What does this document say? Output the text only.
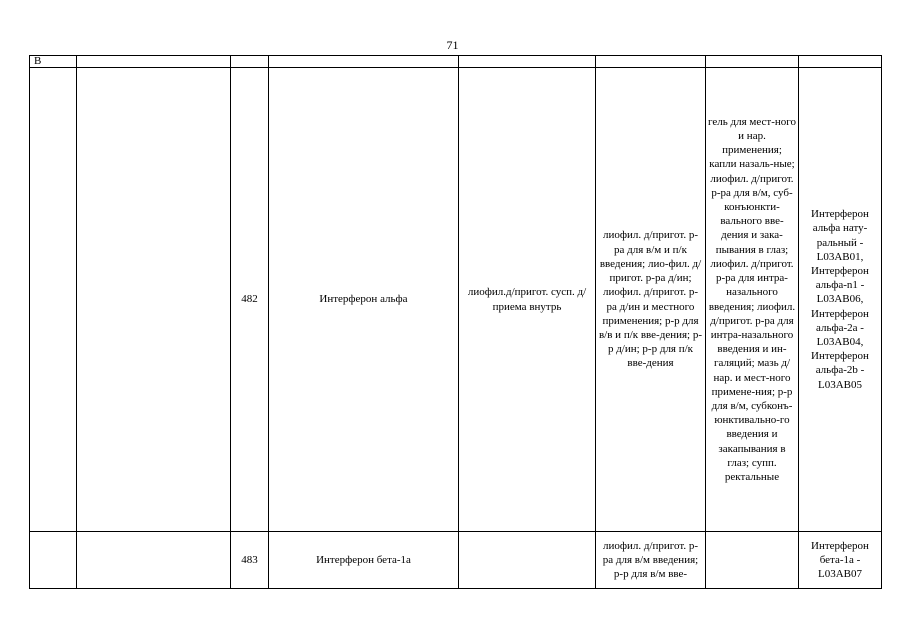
71
В							
		482	Интерферон альфа	лиофил.д/пригот. сусп. д/приема внутрь	лиофил. д/пригот. р-ра для в/м и п/к введения; лио-фил. д/пригот. р-ра д/ин; лиофил. д/пригот. р-ра д/ин и местного применения; р-р для в/в и п/к вве-дения; р-р д/ин; р-р для п/к вве-дения	гель для мест-ного и нар. применения; капли назаль-ные; лиофил. д/пригот. р-ра для в/м, суб-конъюнкти-вального вве-дения и зака-пывания в глаз; лиофил. д/пригот. р-ра для интра-назального введения; лиофил. д/пригот. р-ра для интра-назального введения и ин-галяций; мазь д/нар. и мест-ного примене-ния; р-р для в/м, субконъ-юнктивально-го введения и закапывания в глаз; супп. ректальные	Интерферон альфа нату-ральный - L03AB01, Интерферон альфа-n1 - L03AB06, Интерферон альфа-2а - L03AB04, Интерферон альфа-2b - L03AB05
		483	Интерферон бета-1а		лиофил. д/пригот. р-ра для в/м введения; р-р для в/м вве-		Интерферон бета-1а - L03AB07
